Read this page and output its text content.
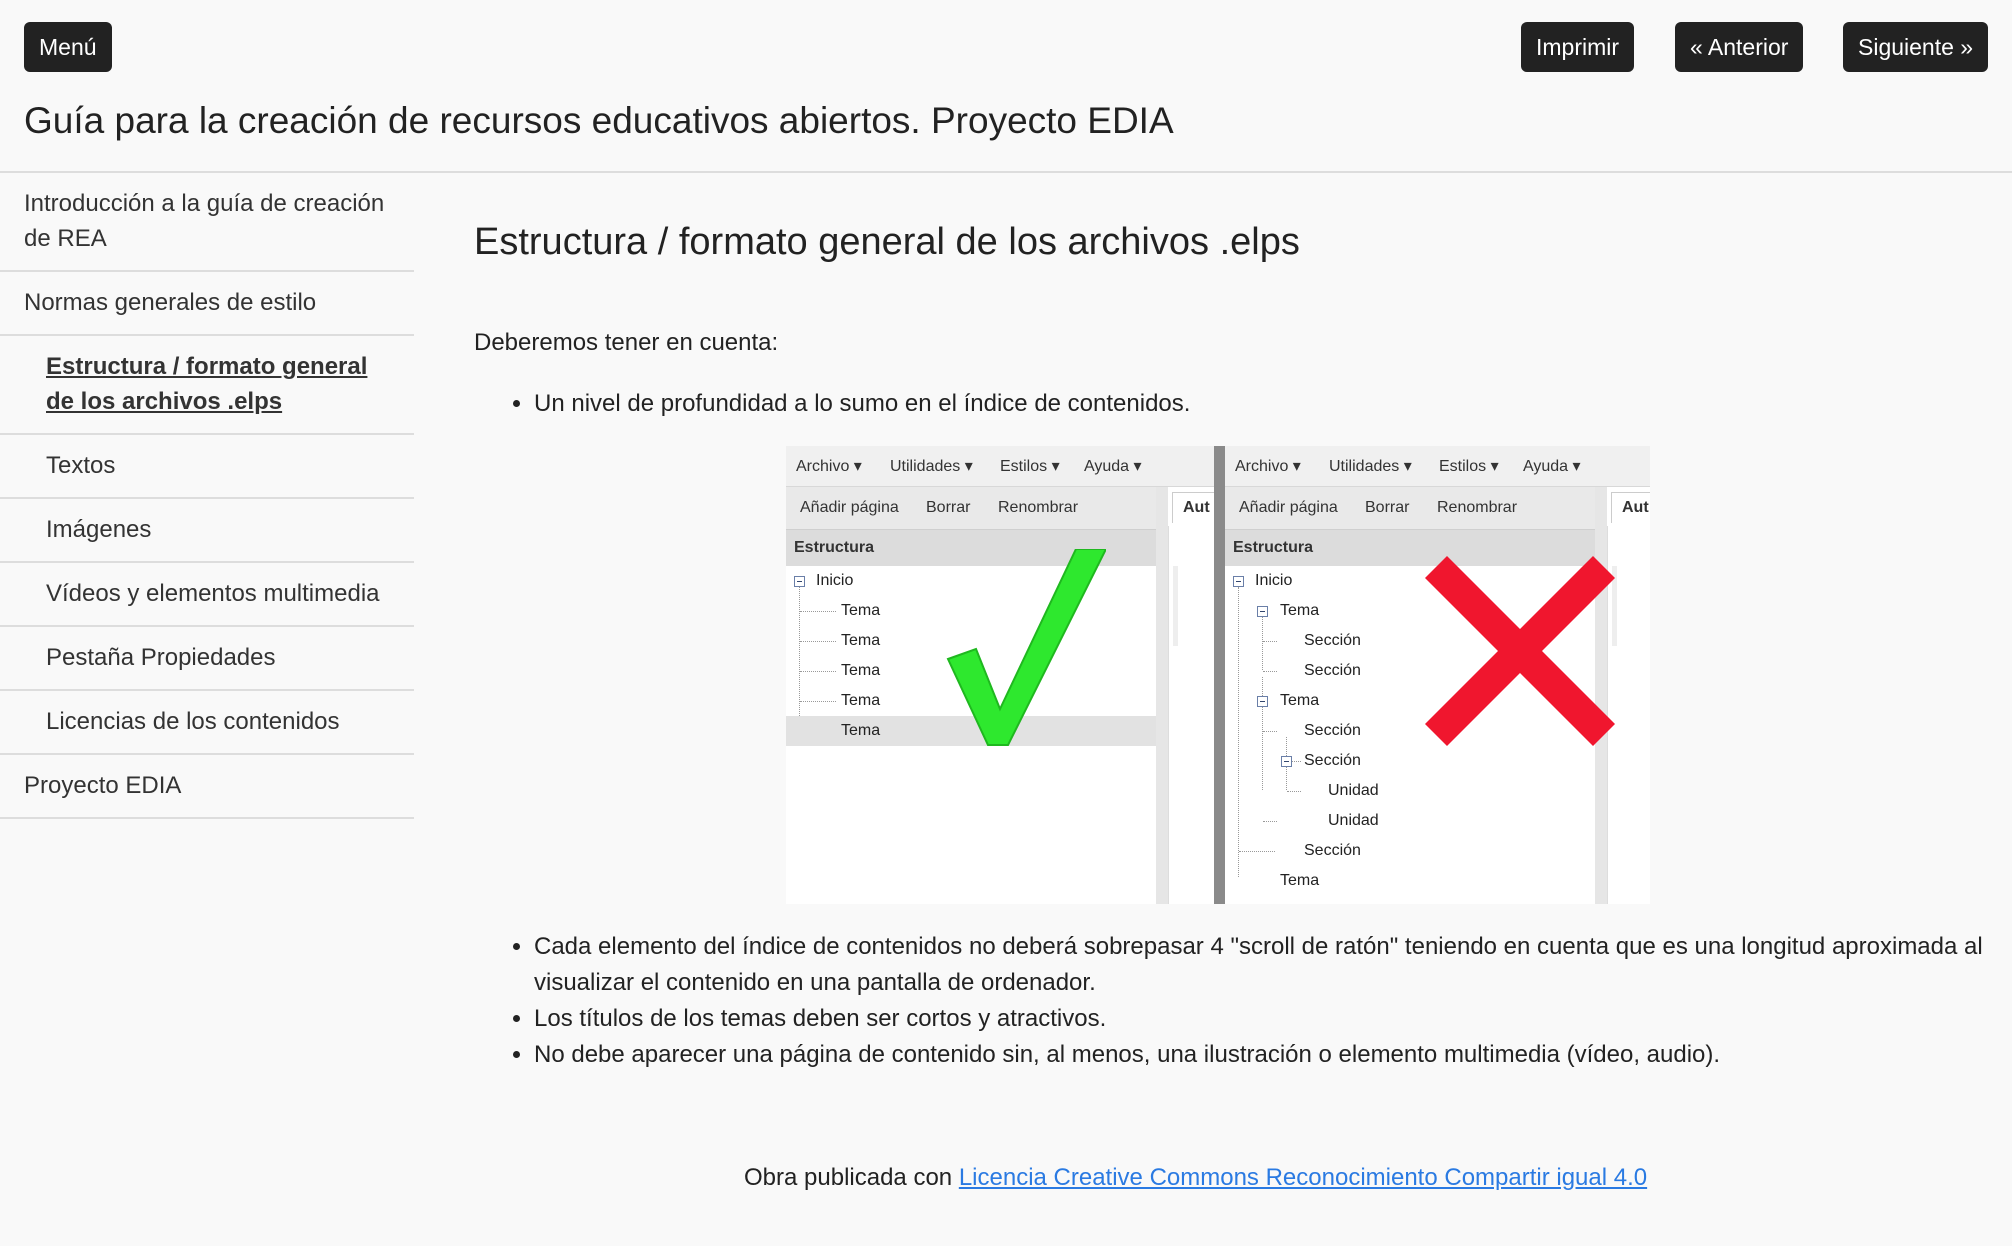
Menú	Imprimir	« Anterior	Siguiente »
Guía para la creación de recursos educativos abiertos. Proyecto EDIA
Introducción a la guía de creación de REA
Normas generales de estilo
Estructura / formato general de los archivos .elps
Textos
Imágenes
Vídeos y elementos multimedia
Pestaña Propiedades
Licencias de los contenidos
Proyecto EDIA
Estructura / formato general de los archivos .elps

Deberemos tener en cuenta:

• Un nivel de profundidad a lo sumo en el índice de contenidos.
Archivo ▾ Utilidades ▾ Estilos ▾ Ayuda ▾
Añadir página Borrar Renombrar
Estructura
Inicio
Tema
Tema
Tema
Tema
Tema
Aut
Archivo ▾ Utilidades ▾ Estilos ▾ Ayuda ▾
Añadir página Borrar Renombrar
Estructura
Inicio
Tema
Sección
Sección
Tema
Sección
Sección
Unidad
Unidad
Sección
Tema
Aut
• Cada elemento del índice de contenidos no deberá sobrepasar 4 "scroll de ratón" teniendo en cuenta que es una longitud aproximada al visualizar el contenido en una pantalla de ordenador.
• Los títulos de los temas deben ser cortos y atractivos.
• No debe aparecer una página de contenido sin, al menos, una ilustración o elemento multimedia (vídeo, audio).

Obra publicada con Licencia Creative Commons Reconocimiento Compartir igual 4.0
